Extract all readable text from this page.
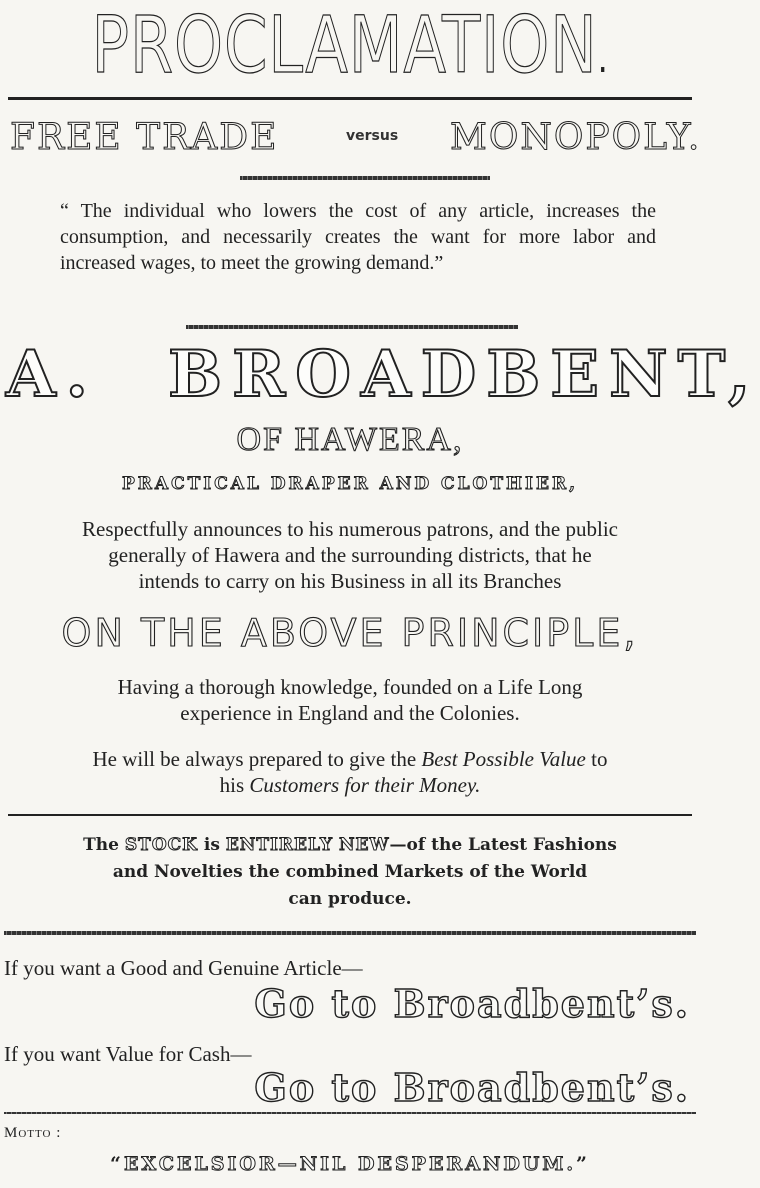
PROCLAMATION.
FREE TRADE	versus MONOPOLY.
“ The individual who lowers the cost of any article, increases the consumption, and necessarily creates the want for more labor and increased wages, to meet the growing demand.”
A. BROADBENT,
OF HAWERA,
PRACTICAL DRAPER AND CLOTHIER,
Respectfully announces to his numerous patrons, and the public
generally of Hawera and the surrounding districts, that he
intends to carry on his Business in all its Branches
ON THE ABOVE PRINCIPLE,
Having a thorough knowledge, founded on a Life Long
experience in England and the Colonies.
He will be always prepared to give the Best Possible Value to
his Customers for their Money.
The STOCK is ENTIRELY NEW—of the Latest Fashions
and Novelties the combined Markets of the World
can produce.
If you want a Good and Genuine Article—
Go to Broadbent’s.
If you want Value for Cash—
Go to Broadbent’s.
Motto :
“EXCELSIOR—NIL DESPERANDUM.”
